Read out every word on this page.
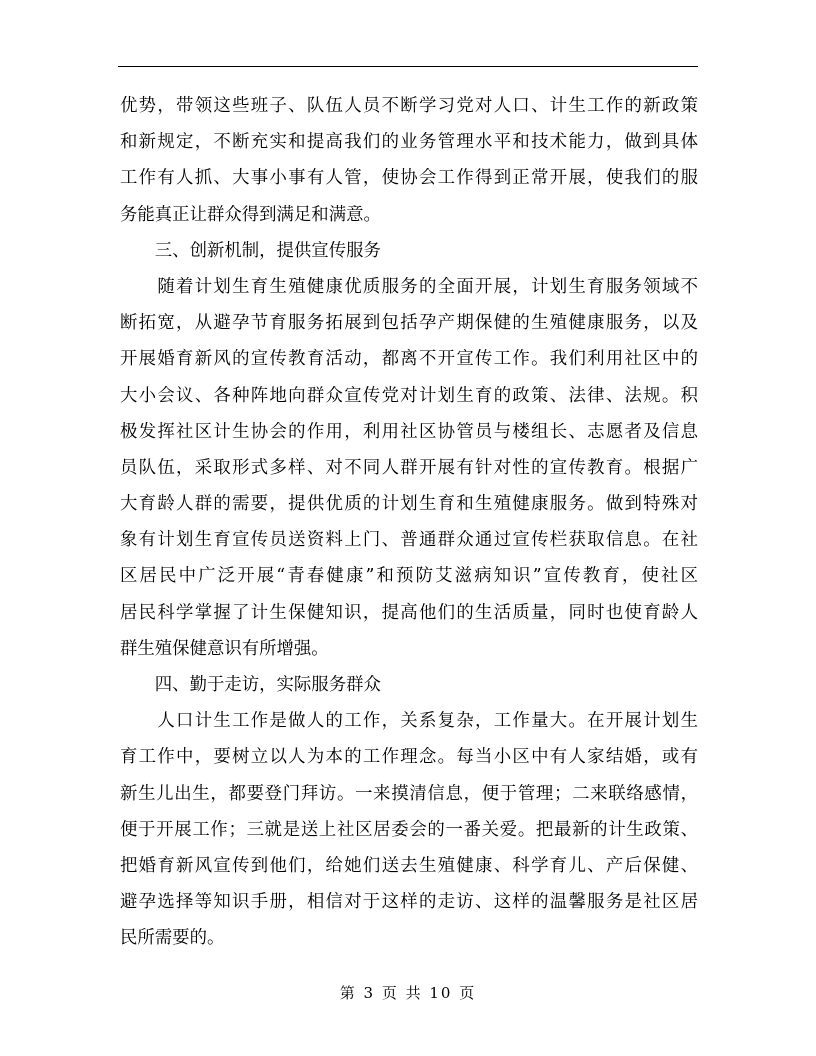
优势，带领这些班子、队伍人员不断学习党对人口、计生工作的新政策
和新规定，不断充实和提高我们的业务管理水平和技术能力，做到具体
工作有人抓、大事小事有人管，使协会工作得到正常开展，使我们的服
务能真正让群众得到满足和满意。
　　三、创新机制，提供宣传服务
　　随着计划生育生殖健康优质服务的全面开展，计划生育服务领域不
断拓宽，从避孕节育服务拓展到包括孕产期保健的生殖健康服务，以及
开展婚育新风的宣传教育活动，都离不开宣传工作。我们利用社区中的
大小会议、各种阵地向群众宣传党对计划生育的政策、法律、法规。积
极发挥社区计生协会的作用，利用社区协管员与楼组长、志愿者及信息
员队伍，采取形式多样、对不同人群开展有针对性的宣传教育。根据广
大育龄人群的需要，提供优质的计划生育和生殖健康服务。做到特殊对
象有计划生育宣传员送资料上门、普通群众通过宣传栏获取信息。在社
区居民中广泛开展“青春健康”和预防艾滋病知识”宣传教育，使社区
居民科学掌握了计生保健知识，提高他们的生活质量，同时也使育龄人
群生殖保健意识有所增强。
　　四、勤于走访，实际服务群众
　　人口计生工作是做人的工作，关系复杂，工作量大。在开展计划生
育工作中，要树立以人为本的工作理念。每当小区中有人家结婚，或有
新生儿出生，都要登门拜访。一来摸清信息，便于管理；二来联络感情，
便于开展工作；三就是送上社区居委会的一番关爱。把最新的计生政策、
把婚育新风宣传到他们，给她们送去生殖健康、科学育儿、产后保健、
避孕选择等知识手册，相信对于这样的走访、这样的温馨服务是社区居
民所需要的。
第 3 页 共 10 页
